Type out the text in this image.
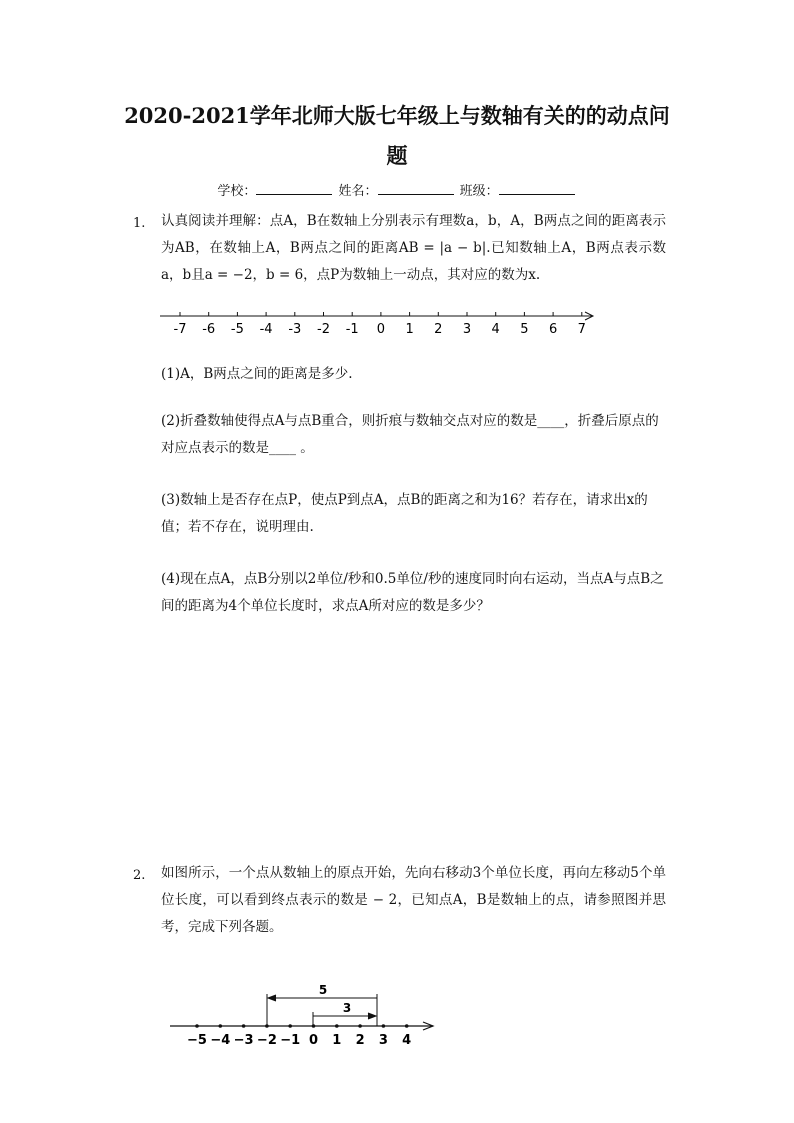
2020-2021学年北师大版七年级上与数轴有关的的动点问题
学校：	姓名：	班级：
1. 认真阅读并理解：点A，B在数轴上分别表示有理数a，b，A，B两点之间的距离表示为AB，在数轴上A，B两点之间的距离AB = |a − b|.已知数轴上A，B两点表示数a，b且a = −2，b = 6，点P为数轴上一动点，其对应的数为x.
-7 -6 -5 -4 -3 -2 -1 0 1 2 3 4 5 6 7
(1)A，B两点之间的距离是多少.
(2)折叠数轴使得点A与点B重合，则折痕与数轴交点对应的数是____，折叠后原点的对应点表示的数是____ 。
(3)数轴上是否存在点P，使点P到点A，点B的距离之和为16？若存在，请求出x的值；若不存在，说明理由.
(4)现在点A，点B分别以2单位/秒和0.5单位/秒的速度同时向右运动，当点A与点B之间的距离为4个单位长度时，求点A所对应的数是多少？
2. 如图所示，一个点从数轴上的原点开始，先向右移动3个单位长度，再向左移动5个单位长度，可以看到终点表示的数是 − 2，已知点A，B是数轴上的点，请参照图并思考，完成下列各题。
−5 −4 −3 −2 −1 0 1 2 3 4
5
3
